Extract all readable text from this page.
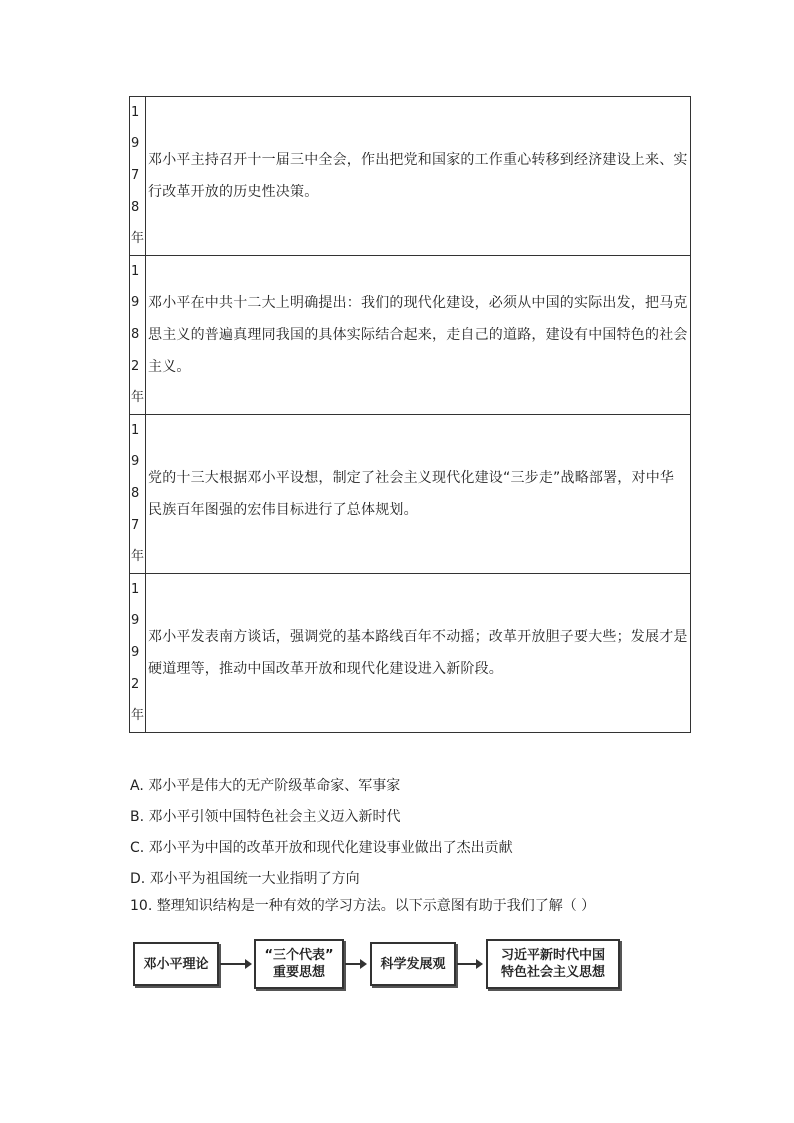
1
9
7
8
年	邓小平主持召开十一届三中全会，作出把党和国家的工作重心转移到经济建设上来、实行改革开放的历史性决策。

1
9
8
2
年	邓小平在中共十二大上明确提出：我们的现代化建设，必须从中国的实际出发，把马克思主义的普遍真理同我国的具体实际结合起来，走自己的道路，建设有中国特色的社会主义。

1
9
8
7
年	党的十三大根据邓小平设想，制定了社会主义现代化建设“三步走”战略部署，对中华民族百年图强的宏伟目标进行了总体规划。

1
9
9
2
年	邓小平发表南方谈话，强调党的基本路线百年不动摇；改革开放胆子要大些；发展才是硬道理等，推动中国改革开放和现代化建设进入新阶段。
A. 邓小平是伟大的无产阶级革命家、军事家
B. 邓小平引领中国特色社会主义迈入新时代
C. 邓小平为中国的改革开放和现代化建设事业做出了杰出贡献
D. 邓小平为祖国统一大业指明了方向
10. 整理知识结构是一种有效的学习方法。以下示意图有助于我们了解（ ）
邓小平理论
“三个代表”
重要思想
科学发展观
习近平新时代中国
特色社会主义思想
